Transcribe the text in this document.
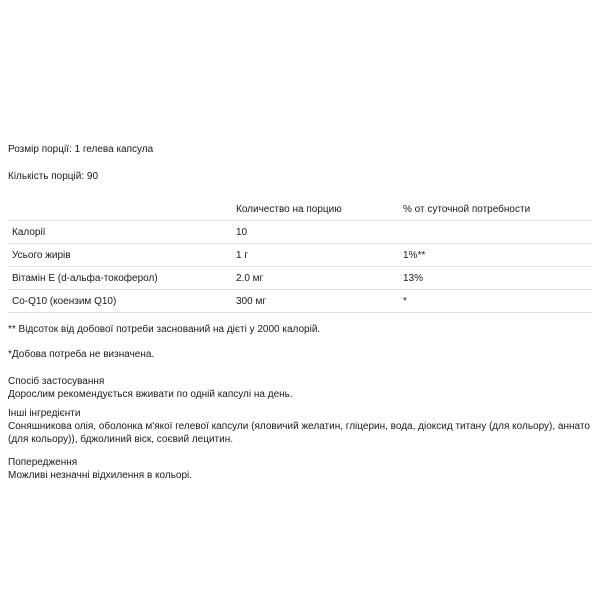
Розмір порції: 1 гелева капсула
Кількість порцій: 90
	Количество на порцию	% от суточной потребности
Калорії	10	
Усього жирів	1 г	1%**
Вітамін E (d-альфа-токоферол)	2.0 мг	13%
Co-Q10 (коензим Q10)	300 мг	*
** Відсоток від добової потреби заснований на дієті у 2000 калорій.
*Добова потреба не визначена.
Спосіб застосування
Дорослим рекомендується вживати по одній капсулі на день.
Інші інгредієнти
Соняшникова олія, оболонка м'якої гелевої капсули (яловичий желатин, гліцерин, вода, діоксид титану (для кольору), аннато (для кольору)), бджолиний віск, соєвий лецитин.
Попередження
Можливі незначні відхилення в кольорі.
